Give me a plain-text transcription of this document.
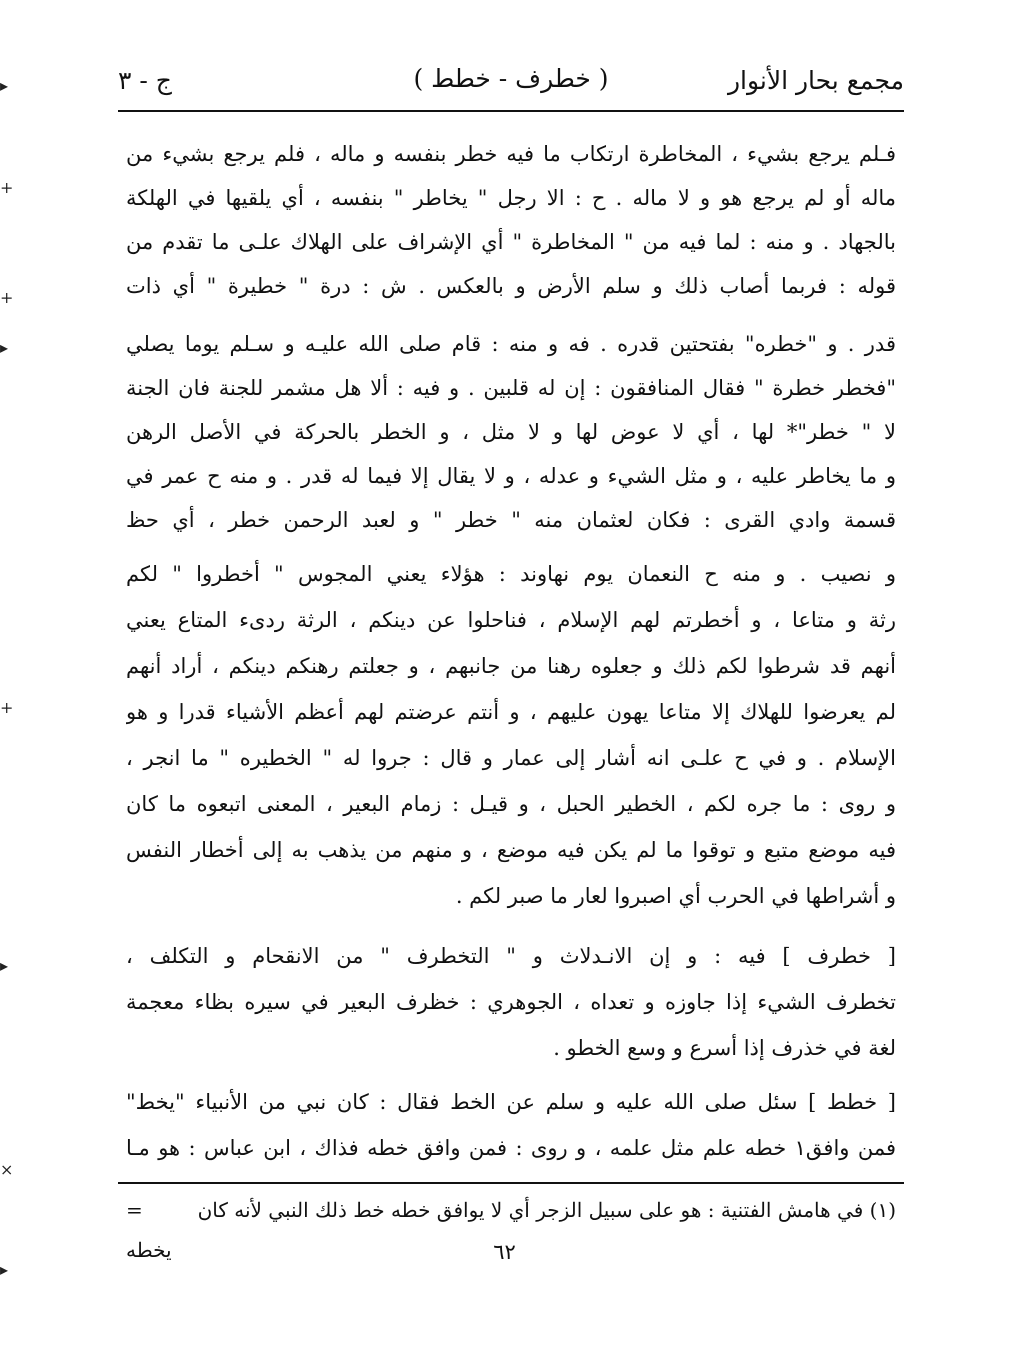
مجمع بحار الأنوار
( خطرف - خطط )
ج - ٣
فـلم يرجع بشيء ، المخاطرة ارتكاب ما فيه خطر بنفسه و ماله ، فلم يرجع بشيء من
ماله أو لم يرجع هو و لا ماله . ح : الا رجل " يخاطر " بنفسه ، أي يلقيها في الهلكة
بالجهاد . و منه : لما فيه من " المخاطرة " أي الإشراف على الهلاك علـى ما تقدم من
قوله : فربما أصاب ذلك و سلم الأرض و بالعكس . ش : درة " خطيرة " أي ذات
قدر . و "خطره" بفتحتين قدره . فه و منه : قام صلى الله عليـه و سـلم يوما يصلي
"فخطر خطرة " فقال المنافقون : إن له قلبين . و فيه : ألا هل مشمر للجنة فان الجنة
لا " خطر"* لها ، أي لا عوض لها و لا مثل ، و الخطر بالحركة في الأصل الرهن
و ما يخاطر عليه ، و مثل الشيء و عدله ، و لا يقال إلا فيما له قدر . و منه ح عمر في
قسمة وادي القرى : فكان لعثمان منه " خطر " و لعبد الرحمن خطر ، أي حظ
و نصيب . و منه ح النعمان يوم نهاوند : هؤلاء يعني المجوس " أخطروا " لكم
رثة و متاعا ، و أخطرتم لهم الإسلام ، فناحلوا عن دينكم ، الرثة ردىء المتاع يعني
أنهم قد شرطوا لكم ذلك و جعلوه رهنا من جانبهم ، و جعلتم رهنكم دينكم ، أراد أنهم
لم يعرضوا للهلاك إلا متاعا يهون عليهم ، و أنتم عرضتم لهم أعظم الأشياء قدرا و هو
الإسلام . و في ح علـى انه أشار إلى عمار و قال : جروا له " الخطيره " ما انجر ،
و روى : ما جره لكم ، الخطير الحبل ، و قيـل : زمام البعير ، المعنى اتبعوه ما كان
فيه موضع متبع و توقوا ما لم يكن فيه موضع ، و منهم من يذهب به إلى أخطار النفس
و أشراطها في الحرب أي اصبروا لعار ما صبر لكم .
[ خطرف ] فيه : و إن الانـدلاث و " التخطرف " من الانقحام و التكلف ،
تخطرف الشيء إذا جاوزه و تعداه ، الجوهري : خظرف البعير في سيره بظاء معجمة
لغة في خذرف إذا أسرع و وسع الخطو .
[ خطط ] سئل صلى الله عليه و سلم عن الخط فقال : كان نبي من الأنبياء "يخط"
فمن وافق١ خطه علم مثل علمه ، و روى : فمن وافق خطه فذاك ، ابن عباس : هو مـا
(١) في هامش الفتنية : هو على سبيل الزجر أي لا يوافق خطه خط ذلك النبي لأنه كان
=
يخطه	٦٢
▸
+
+
▸
+
▸
×
▸
